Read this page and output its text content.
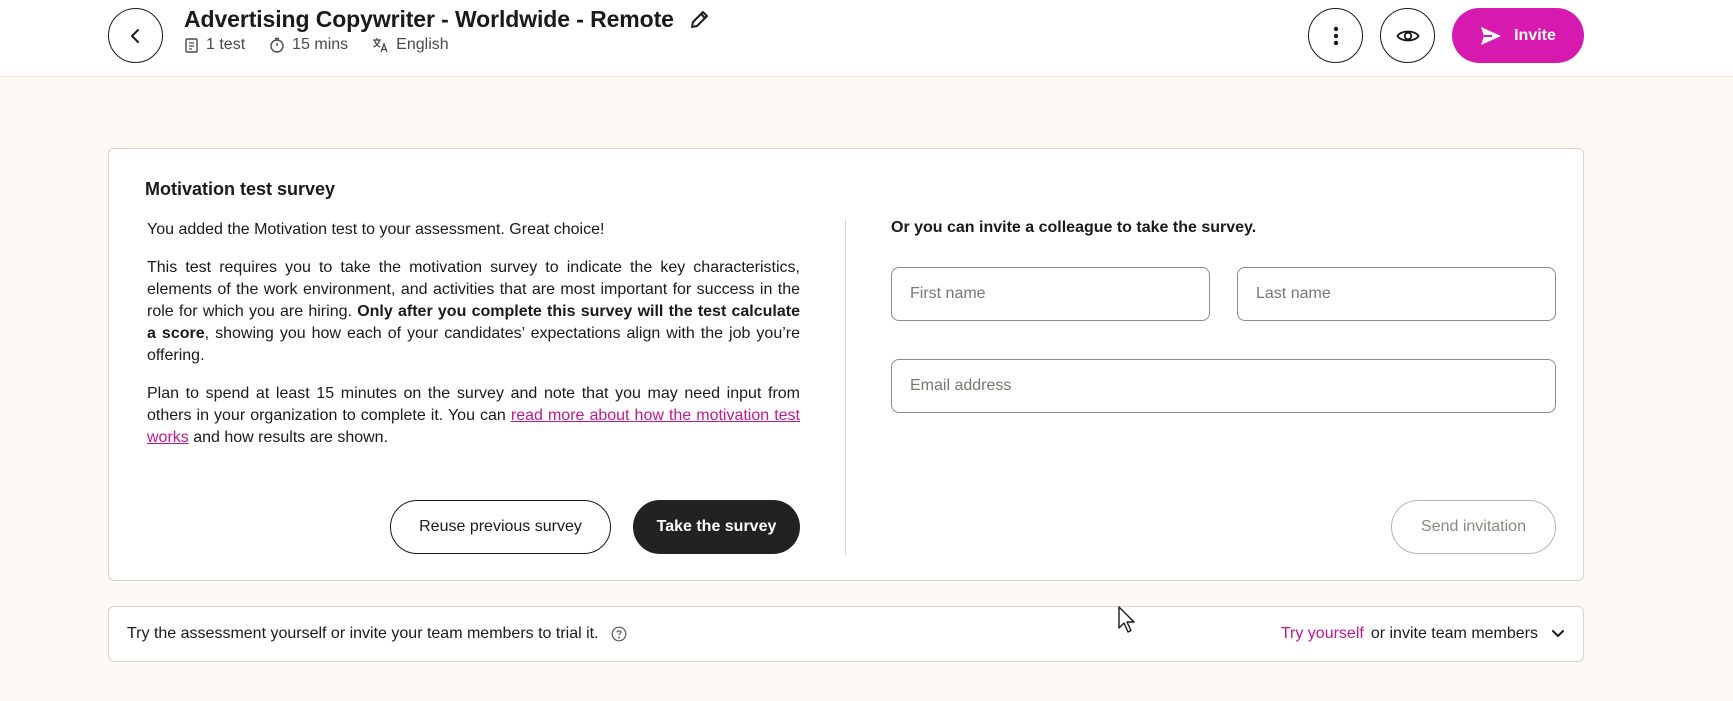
Advertising Copywriter - Worldwide - Remote
1 test	15 mins	English
Invite
Motivation test survey

You added the Motivation test to your assessment. Great choice!

This test requires you to take the motivation survey to indicate the key characteristics, elements of the work environment, and activities that are most important for success in the role for which you are hiring. Only after you complete this survey will the test calculate a score, showing you how each of your candidates’ expectations align with the job you’re offering.

Plan to spend at least 15 minutes on the survey and note that you may need input from others in your organization to complete it. You can read more about how the motivation test works and how results are shown.

Reuse previous survey	Take the survey
Or you can invite a colleague to take the survey.
First name
Last name
Email address
Send invitation
Try the assessment yourself or invite your team members to trial it.	Try yourself or invite team members
